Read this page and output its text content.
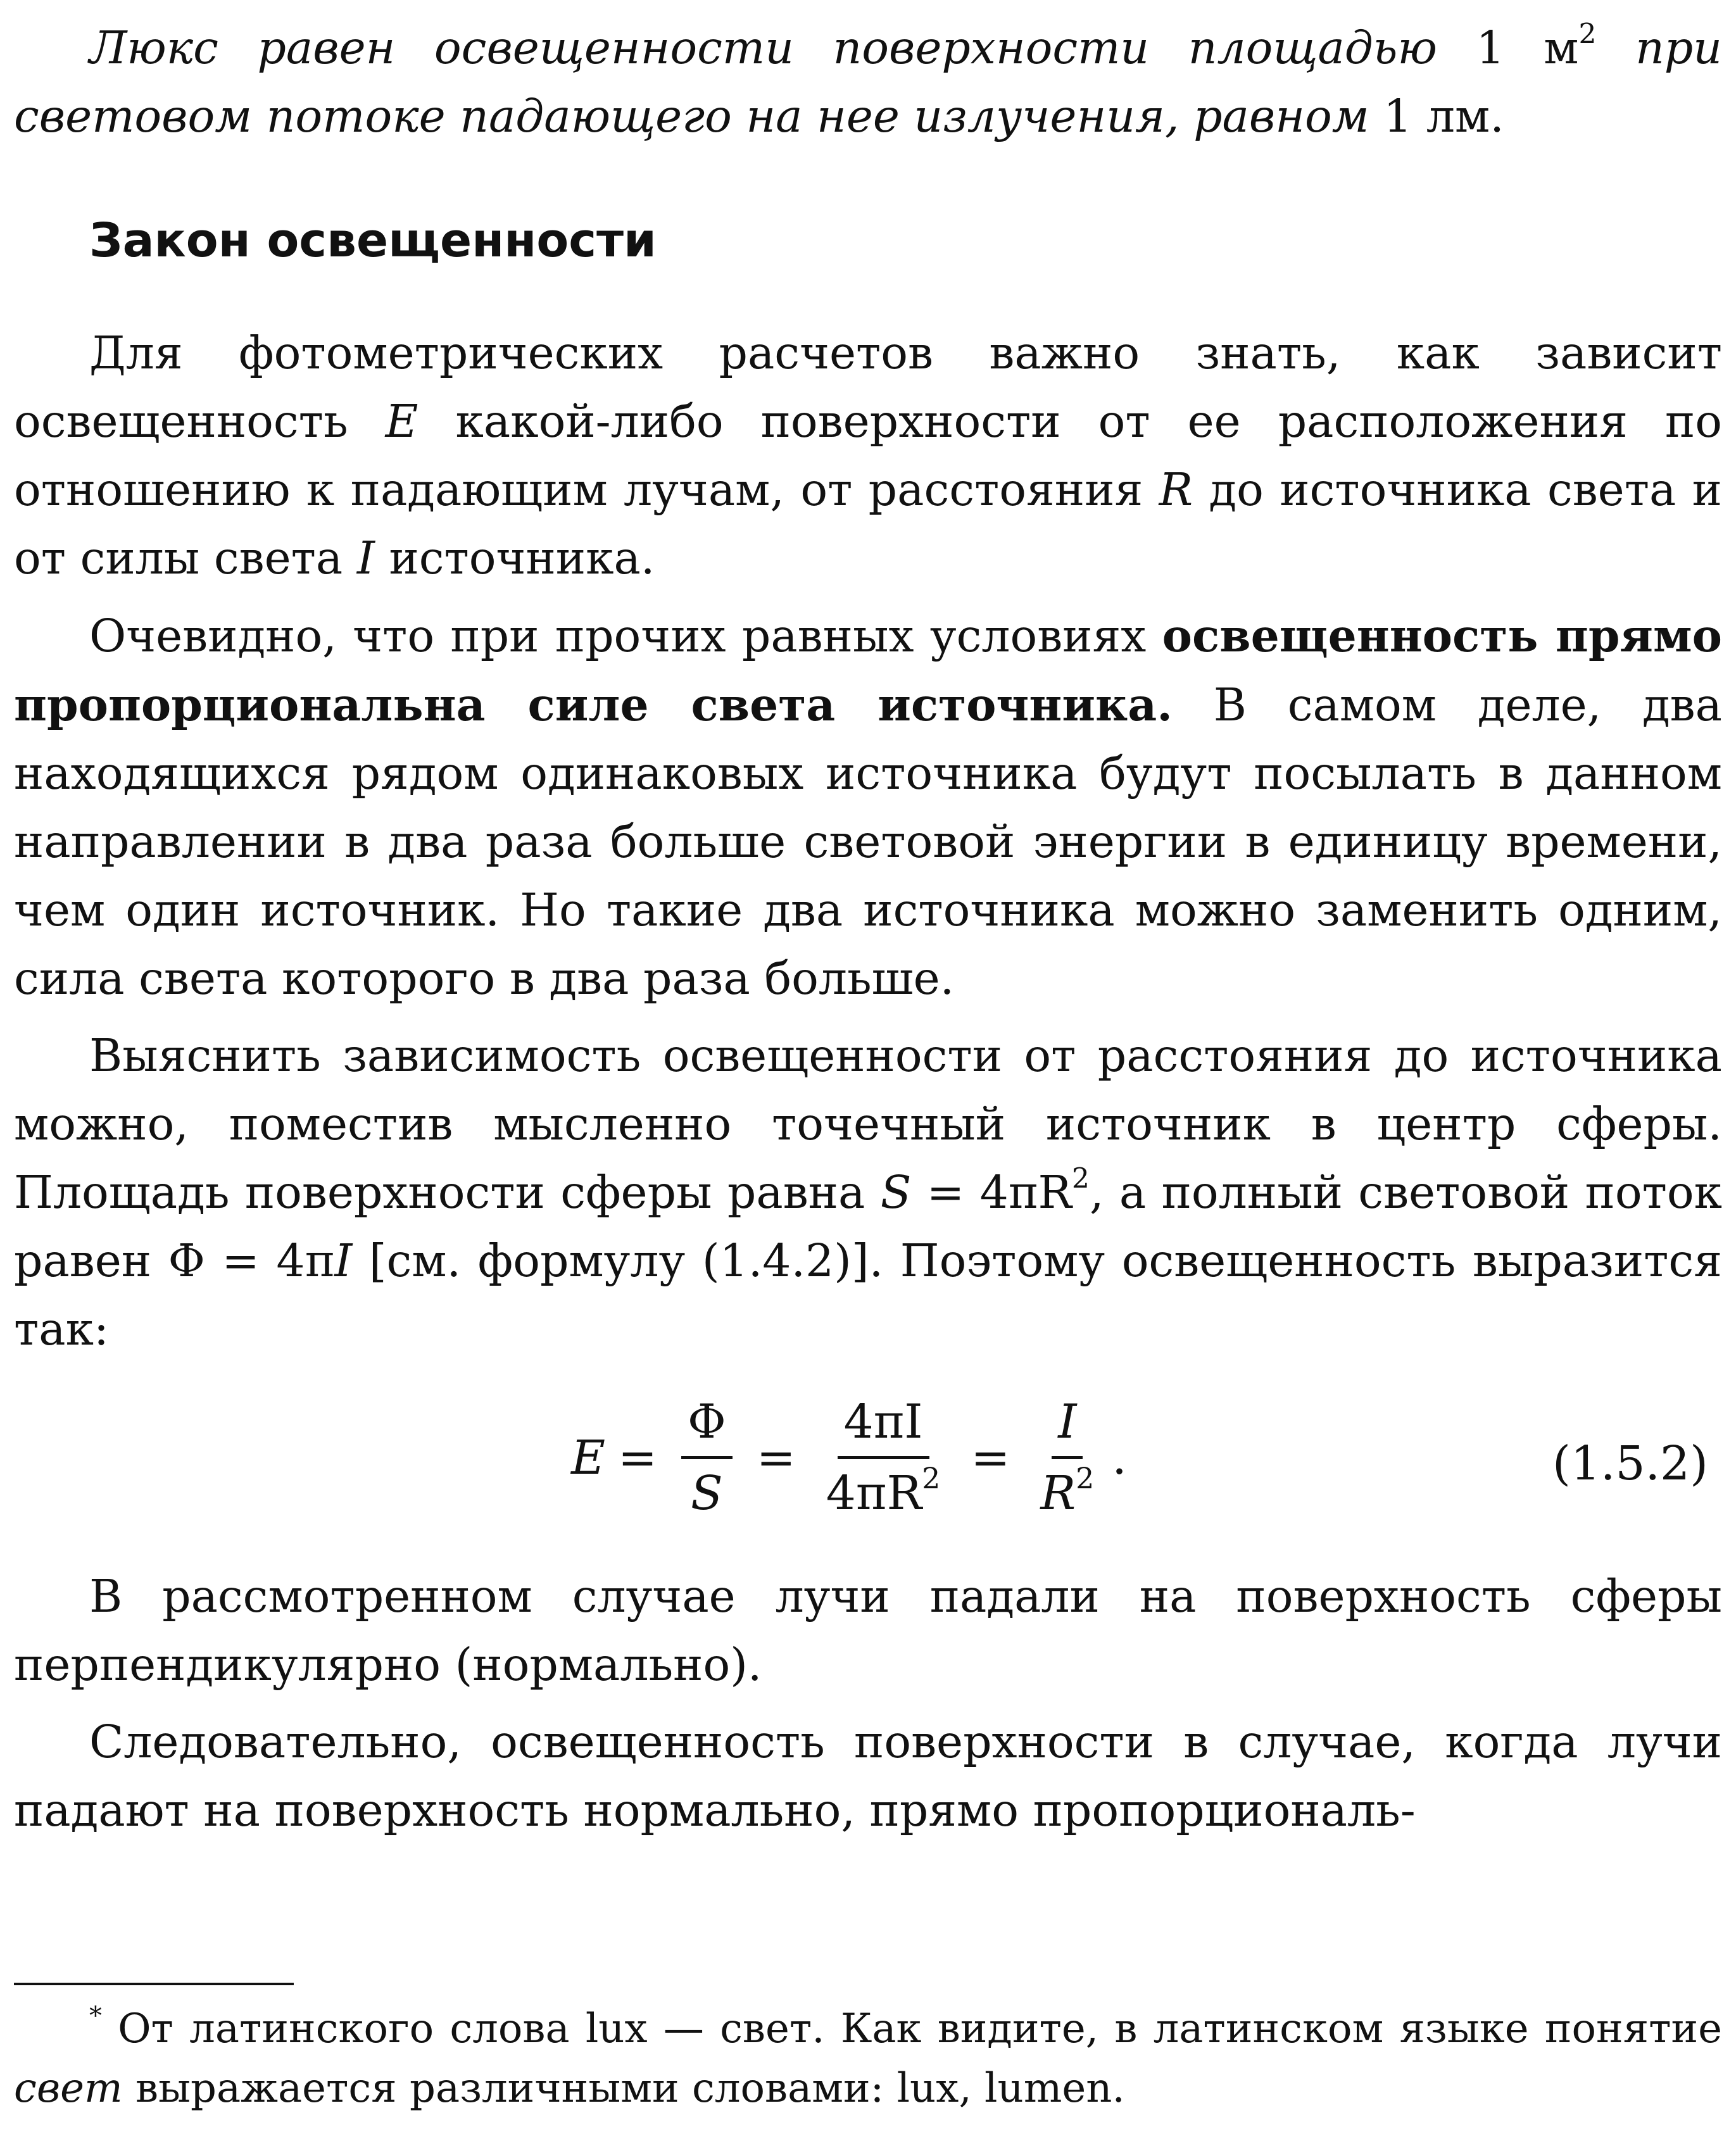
Люкс равен освещенности поверхности площадью 1 $м^2$ при световом потоке падающего на нее излучения, равном 1 лм.

Закон освещенности

Для фотометрических расчетов важно знать, как зависит освещенность E какой-либо поверхности от ее расположения по отношению к падающим лучам, от расстояния R до источника света и от силы света I источника.

Очевидно, что при прочих равных условиях освещенность прямо пропорциональна силе света источника. В самом деле, два находящихся рядом одинаковых источника будут посылать в данном направлении в два раза больше световой энергии в единицу времени, чем один источник. Но такие два источника можно заменить одним, сила света которого в два раза больше.

Выяснить зависимость освещенности от расстояния до источника можно, поместив мысленно точечный источник в центр сферы. Площадь поверхности сферы равна $S = 4\pi R^2$, а полный световой поток равен Φ = 4πI [см. формулу (1.4.2)]. Поэтому освещенность выразится так:

$E = \frac{\Phi}{S} = \frac{4\pi I}{4\pi R^2} = \frac{I}{R^2}$ .	(1.5.2)

В рассмотренном случае лучи падали на поверхность сферы перпендикулярно (нормально).

Следовательно, освещенность поверхности в случае, когда лучи падают на поверхность нормально, прямо пропорциональ-

* От латинского слова lux — свет. Как видите, в латинском языке понятие свет выражается различными словами: lux, lumen.
